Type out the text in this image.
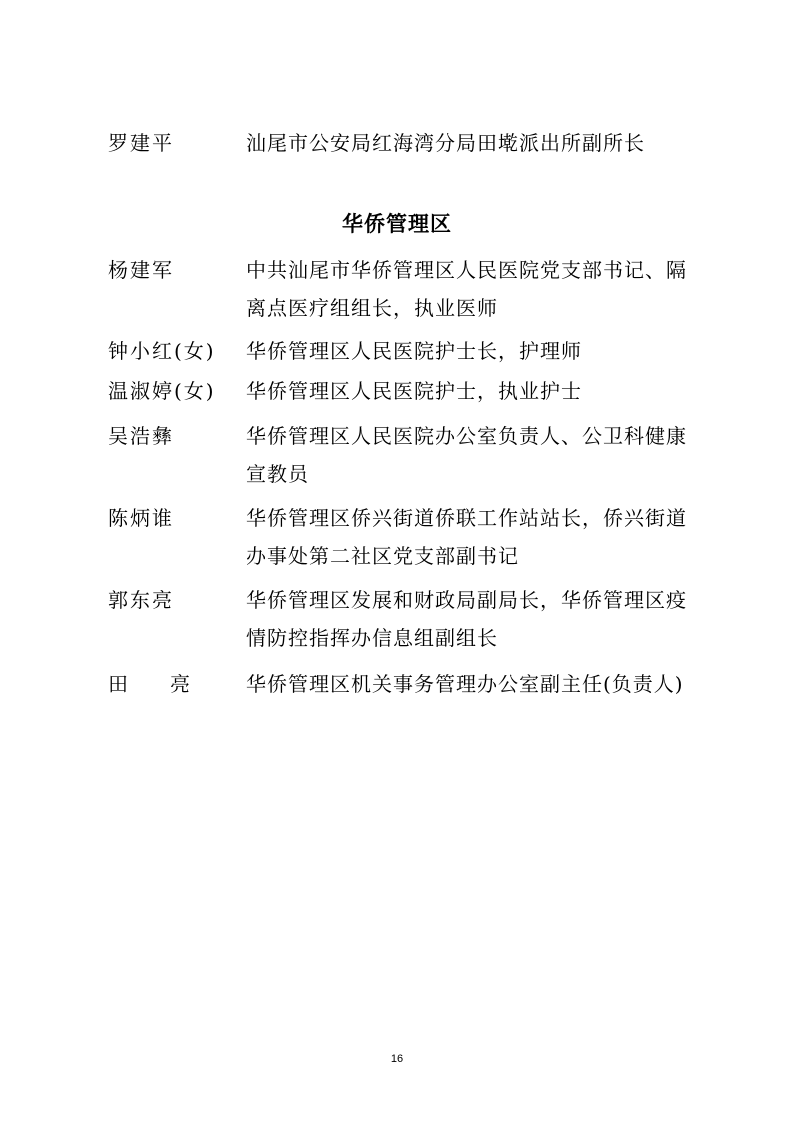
罗建平	汕尾市公安局红海湾分局田墘派出所副所长
华侨管理区
杨建军	中共汕尾市华侨管理区人民医院党支部书记、隔
离点医疗组组长，执业医师
钟小红(女) 华侨管理区人民医院护士长，护理师
温淑婷(女) 华侨管理区人民医院护士，执业护士
吴浩彝	华侨管理区人民医院办公室负责人、公卫科健康
宣教员
陈炳谁	华侨管理区侨兴街道侨联工作站站长，侨兴街道
办事处第二社区党支部副书记
郭东亮	华侨管理区发展和财政局副局长，华侨管理区疫
情防控指挥办信息组副组长
田 亮	华侨管理区机关事务管理办公室副主任(负责人)
16
